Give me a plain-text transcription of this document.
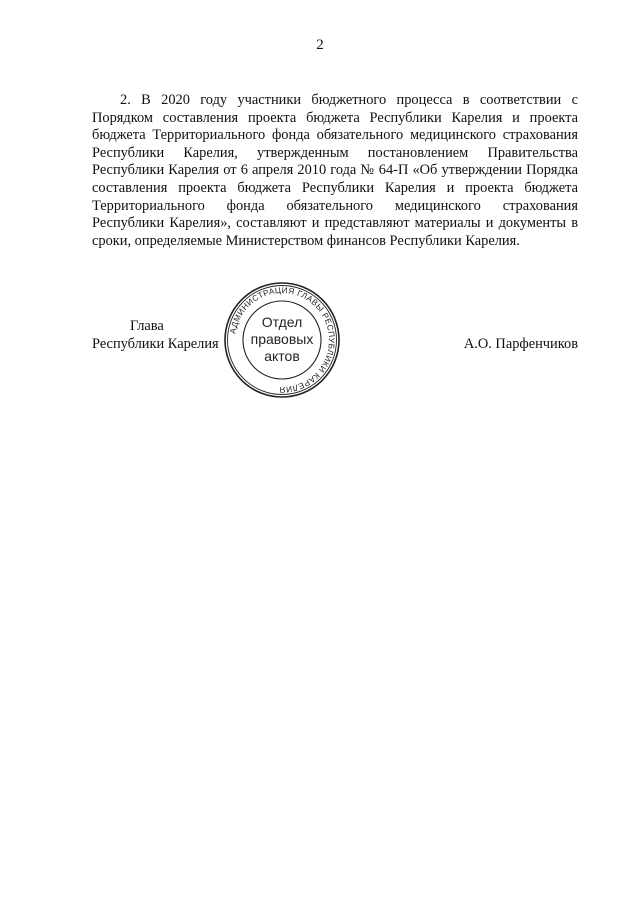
2

2. В 2020 году участники бюджетного процесса в соответствии с Порядком составления проекта бюджета Республики Карелия и проекта бюджета Территориального фонда обязательного медицинского страхования Республики Карелия, утвержденным постановлением Правительства Республики Карелия от 6 апреля 2010 года № 64-П «Об утверждении Порядка составления проекта бюджета Республики Карелия и проекта бюджета Территориального фонда обязательного медицинского страхования Республики Карелия», составляют и представляют материалы и документы в сроки, определяемые Министерством финансов Республики Карелия.

Глава
Республики Карелия
АДМИНИСТРАЦИЯ ГЛАВЫ РЕСПУБЛИКИ КАРЕЛИЯ
Отдел
правовых
актов
А.О. Парфенчиков
